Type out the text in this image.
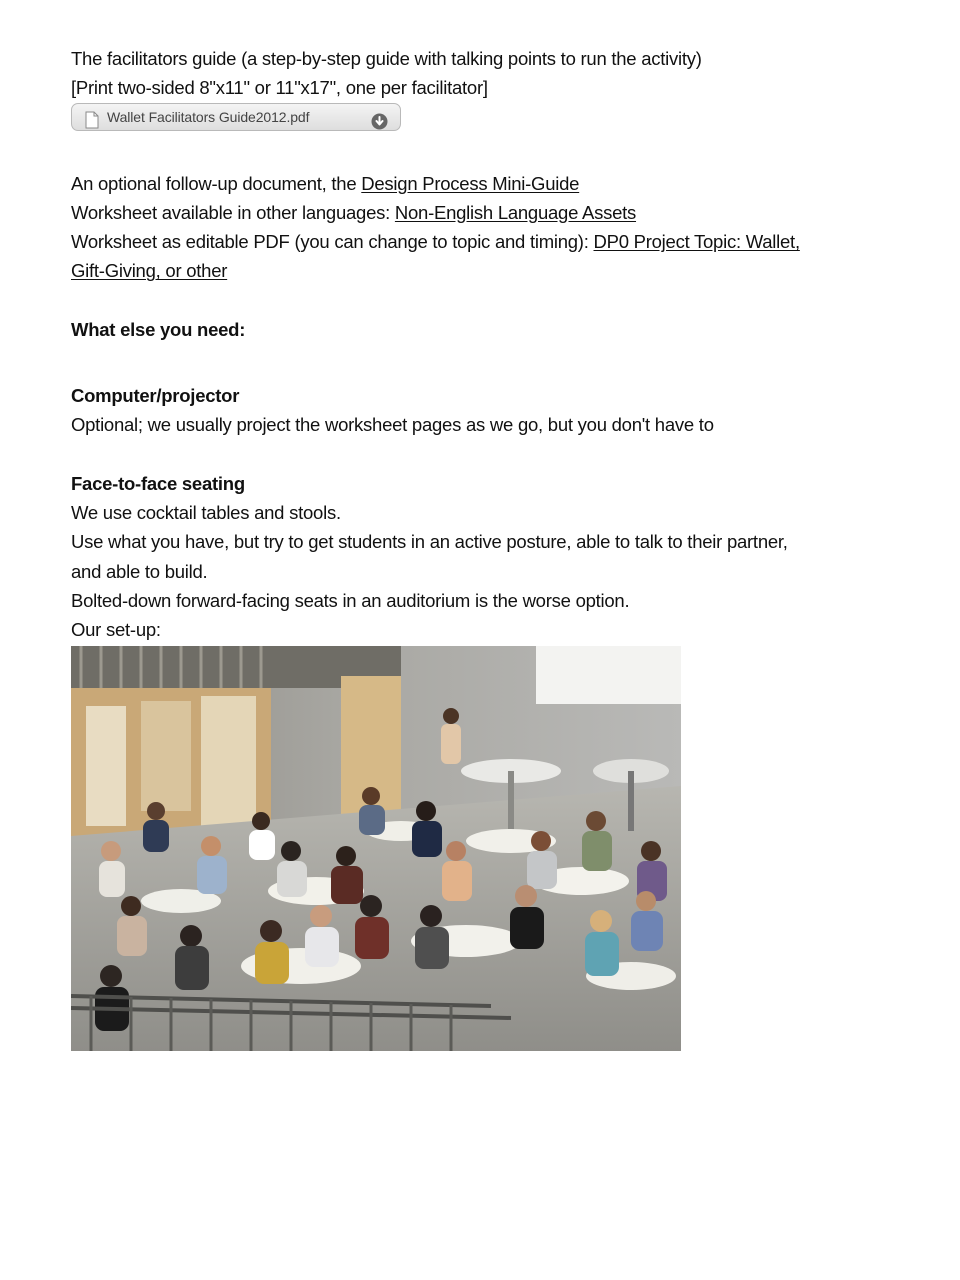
The facilitators guide (a step-by-step guide with talking points to run the activity)
[Print two-sided 8"x11" or 11"x17", one per facilitator]
Wallet Facilitators Guide2012.pdf
An optional follow-up document, the Design Process Mini-Guide
Worksheet available in other languages: Non-English Language Assets
Worksheet as editable PDF (you can change to topic and timing): DP0 Project Topic: Wallet,
Gift-Giving, or other
What else you need:
Computer/projector
Optional; we usually project the worksheet pages as we go, but you don't have to
Face-to-face seating
We use cocktail tables and stools.
Use what you have, but try to get students in an active posture, able to talk to their partner,
and able to build.
Bolted-down forward-facing seats in an auditorium is the worse option.
Our set-up:
